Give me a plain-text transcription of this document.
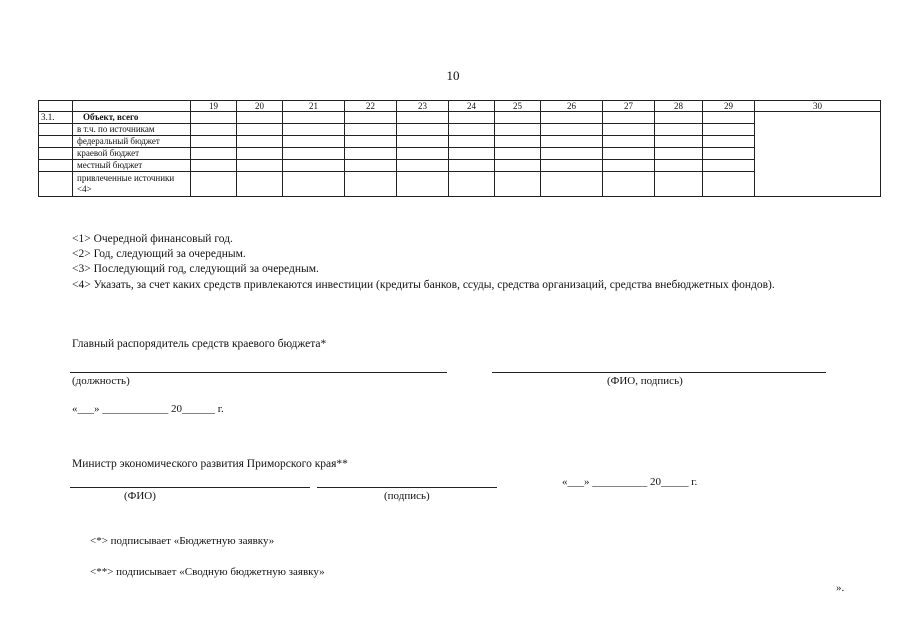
10
		19	20	21	22	23	24	25	26	27	28	29	30
3.1.	Объект, всего												
	в т.ч. по источникам												
	федеральный бюджет												
	краевой бюджет												
	местный бюджет												
	привлеченные источники <4>												

<1> Очередной финансовый год.

<2> Год, следующий за очередным.

<3> Последующий год, следующий за очередным.

<4> Указать, за счет каких средств привлекаются инвестиции (кредиты банков, ссуды, средства организаций, средства внебюджетных фондов).
Главный распорядитель средств краевого бюджета*
(должность)	(ФИО, подпись)
«___» ____________ 20______ г.
Министр экономического развития Приморского края**
«___» __________ 20_____ г.
(ФИО)	(подпись)
<*> подписывает «Бюджетную заявку»
<**> подписывает «Сводную бюджетную заявку»
».
